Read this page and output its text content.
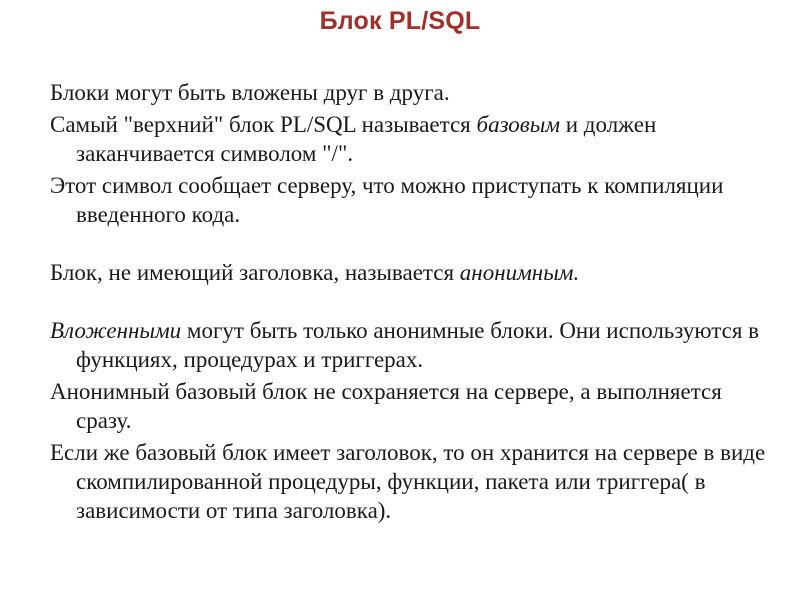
Блок PL/SQL

Блоки могут быть вложены друг в друга.

Самый "верхний" блок PL/SQL называется базовым и должен заканчивается символом "/".

Этот символ сообщает серверу, что можно приступать к компиляции введенного кода.

Блок, не имеющий заголовка, называется анонимным.

Вложенными могут быть только анонимные блоки. Они используются в функциях, процедурах и триггерах.

Анонимный базовый блок не сохраняется на сервере, а выполняется сразу.

Если же базовый блок имеет заголовок, то он хранится на сервере в виде скомпилированной процедуры, функции, пакета или триггера( в зависимости от типа заголовка).
